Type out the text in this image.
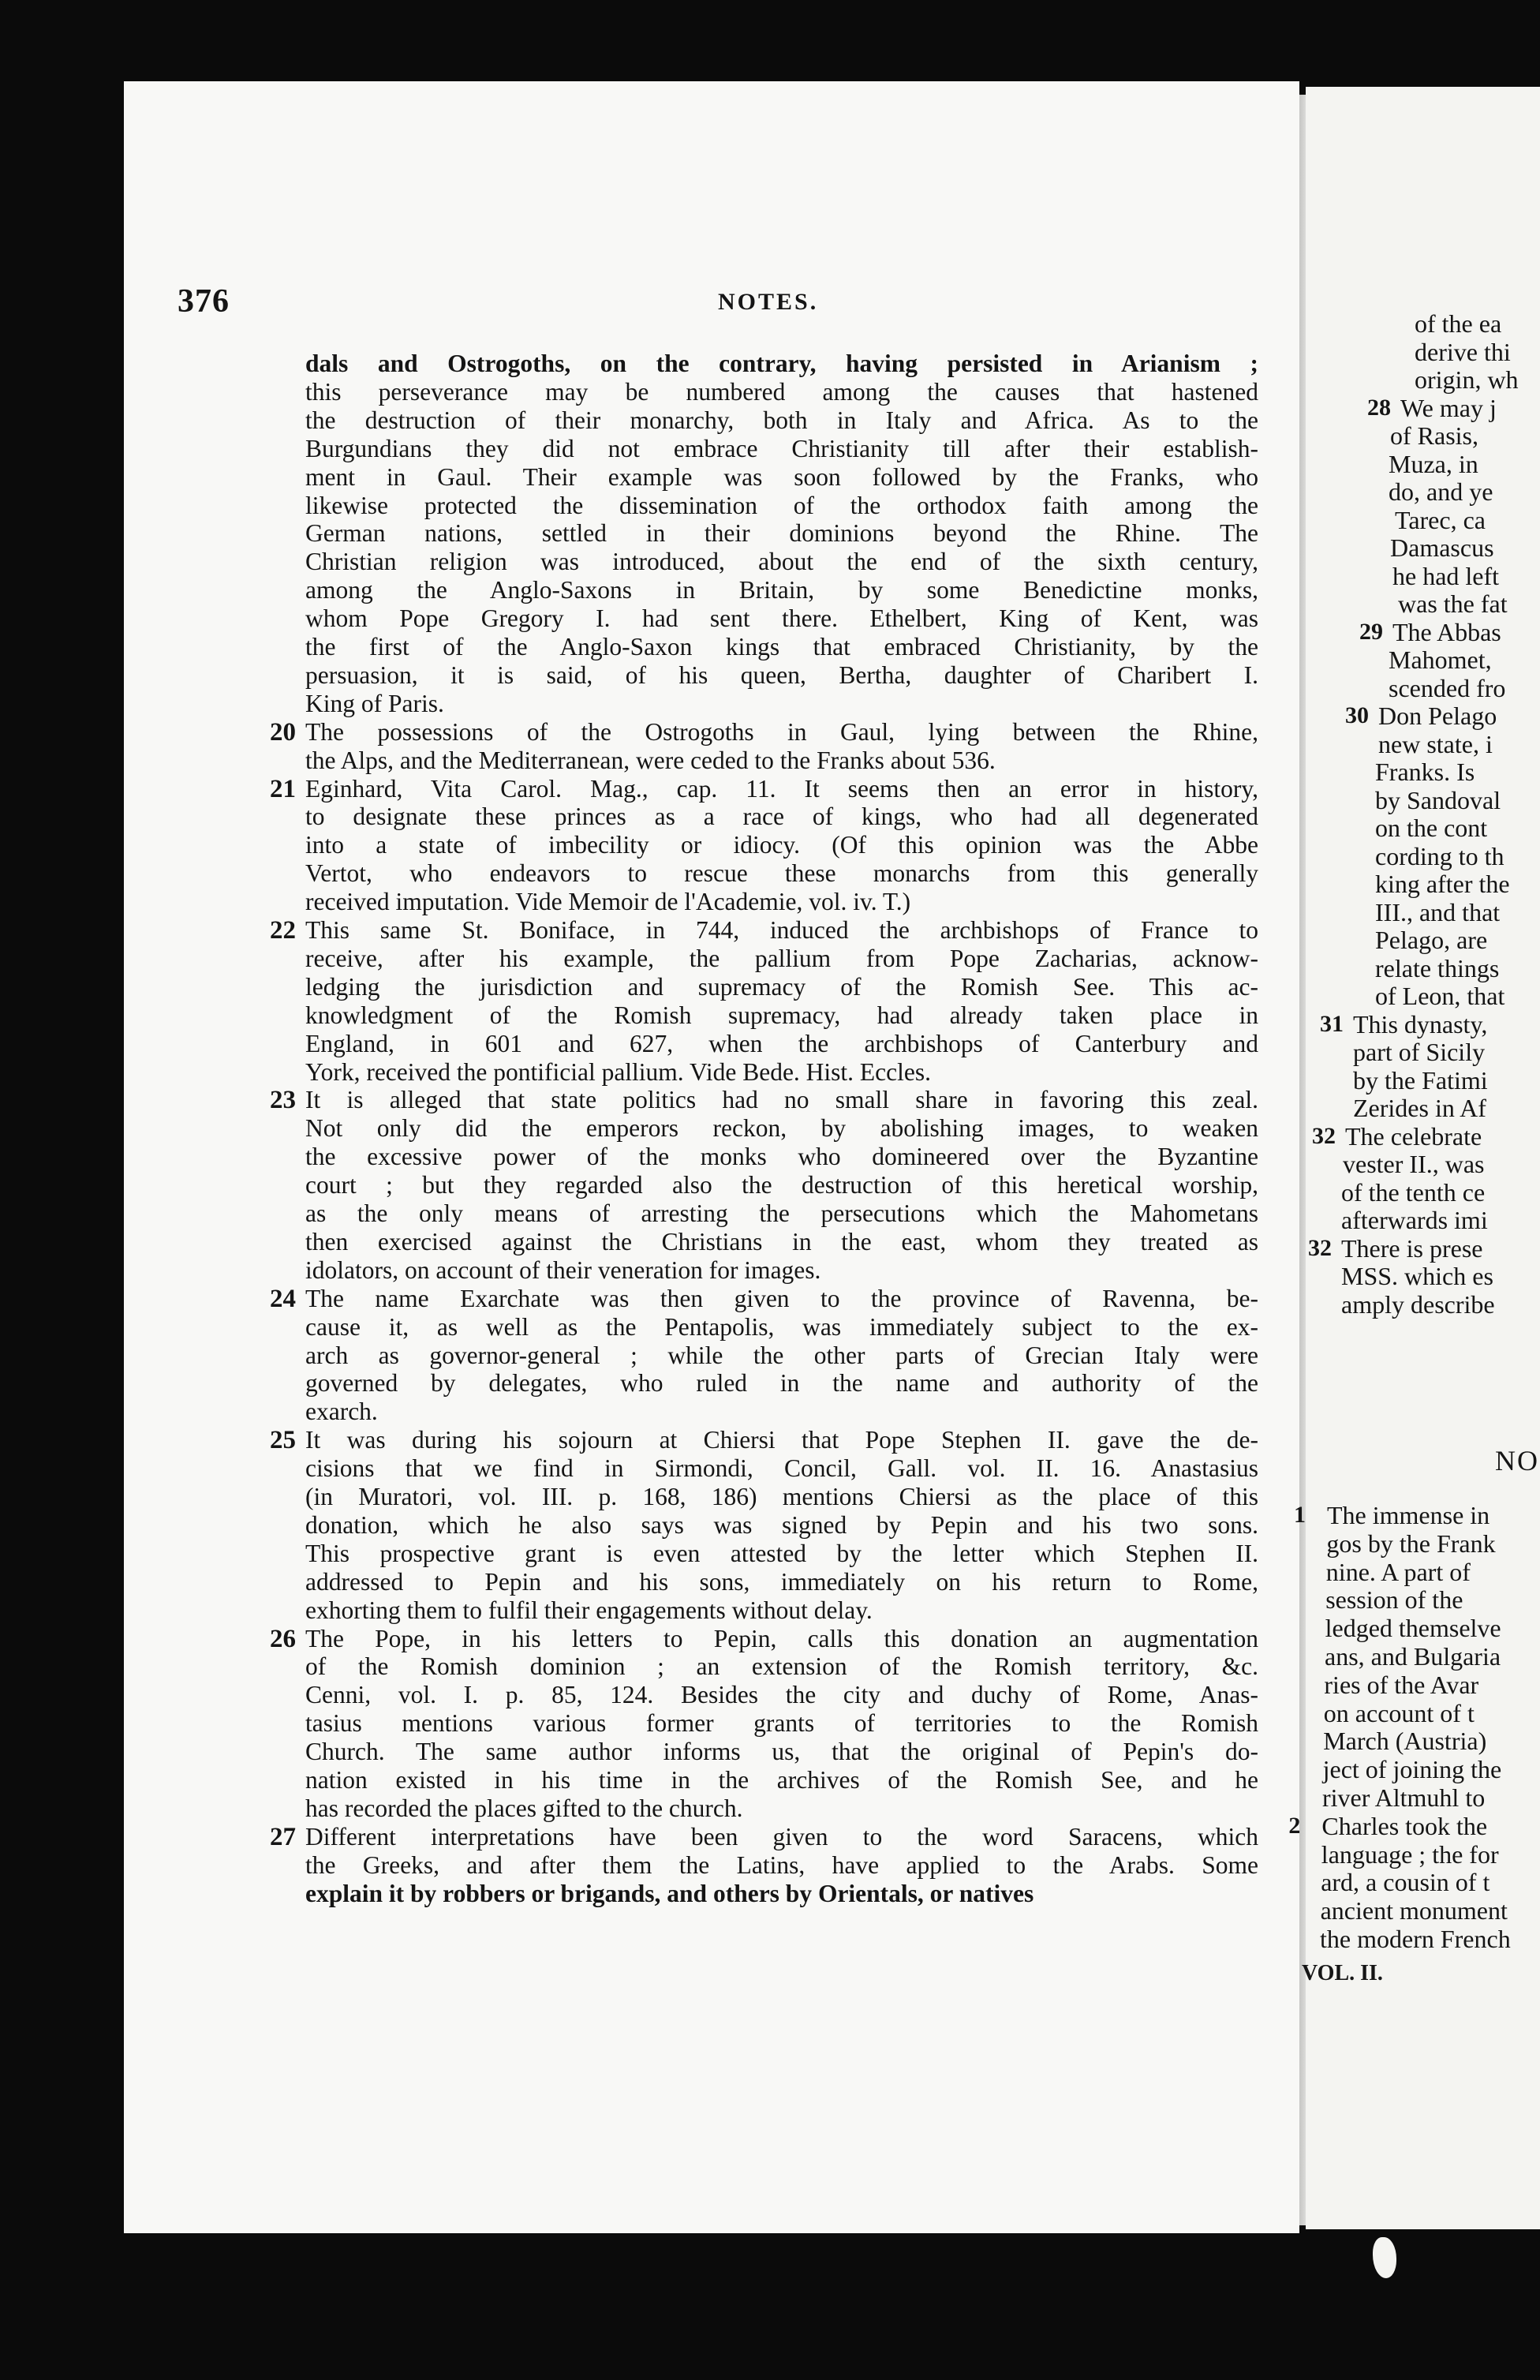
376	NOTES.
dals and Ostrogoths, on the contrary, having persisted in Arianism ;
this perseverance may be numbered among the causes that hastened
the destruction of their monarchy, both in Italy and Africa. As to the
Burgundians they did not embrace Christianity till after their establish-
ment in Gaul. Their example was soon followed by the Franks, who
likewise protected the dissemination of the orthodox faith among the
German nations, settled in their dominions beyond the Rhine. The
Christian religion was introduced, about the end of the sixth century,
among the Anglo-Saxons in Britain, by some Benedictine monks,
whom Pope Gregory I. had sent there. Ethelbert, King of Kent, was
the first of the Anglo-Saxon kings that embraced Christianity, by the
persuasion, it is said, of his queen, Bertha, daughter of Charibert I.
King of Paris.
20 The possessions of the Ostrogoths in Gaul, lying between the Rhine,
the Alps, and the Mediterranean, were ceded to the Franks about 536.
21 Eginhard, Vita Carol. Mag., cap. 11. It seems then an error in history,
to designate these princes as a race of kings, who had all degenerated
into a state of imbecility or idiocy. (Of this opinion was the Abbe
Vertot, who endeavors to rescue these monarchs from this generally
received imputation. Vide Memoir de l'Academie, vol. iv. T.)
22 This same St. Boniface, in 744, induced the archbishops of France to
receive, after his example, the pallium from Pope Zacharias, acknow-
ledging the jurisdiction and supremacy of the Romish See. This ac-
knowledgment of the Romish supremacy, had already taken place in
England, in 601 and 627, when the archbishops of Canterbury and
York, received the pontificial pallium. Vide Bede. Hist. Eccles.
23 It is alleged that state politics had no small share in favoring this zeal.
Not only did the emperors reckon, by abolishing images, to weaken
the excessive power of the monks who domineered over the Byzantine
court ; but they regarded also the destruction of this heretical worship,
as the only means of arresting the persecutions which the Mahometans
then exercised against the Christians in the east, whom they treated as
idolators, on account of their veneration for images.
24 The name Exarchate was then given to the province of Ravenna, be-
cause it, as well as the Pentapolis, was immediately subject to the ex-
arch as governor-general ; while the other parts of Grecian Italy were
governed by delegates, who ruled in the name and authority of the
exarch.
25 It was during his sojourn at Chiersi that Pope Stephen II. gave the de-
cisions that we find in Sirmondi, Concil, Gall. vol. II. 16. Anastasius
(in Muratori, vol. III. p. 168, 186) mentions Chiersi as the place of this
donation, which he also says was signed by Pepin and his two sons.
This prospective grant is even attested by the letter which Stephen II.
addressed to Pepin and his sons, immediately on his return to Rome,
exhorting them to fulfil their engagements without delay.
26 The Pope, in his letters to Pepin, calls this donation an augmentation
of the Romish dominion ; an extension of the Romish territory, &c.
Cenni, vol. I. p. 85, 124. Besides the city and duchy of Rome, Anas-
tasius mentions various former grants of territories to the Romish
Church. The same author informs us, that the original of Pepin's do-
nation existed in his time in the archives of the Romish See, and he
has recorded the places gifted to the church.
27 Different interpretations have been given to the word Saracens, which
the Greeks, and after them the Latins, have applied to the Arabs. Some
explain it by robbers or brigands, and others by Orientals, or natives
of the ea
derive thi
origin, wh
28 We may j
of Rasis,
Muza, in
do, and ye
Tarec, ca
Damascus
he had left
was the fat
29 The Abbas
Mahomet,
scended fro
30 Don Pelago
new state, i
Franks. Is
by Sandoval
on the cont
cording to th
king after the
III., and that
Pelago, are
relate things
of Leon, that
31 This dynasty,
part of Sicily
by the Fatimi
Zerides in Af
32 The celebrate
vester II., was
of the tenth ce
afterwards imi
32 There is prese
MSS. which es
amply describe
NO
1 The immense in
gos by the Frank
nine. A part of
session of the
ledged themselve
ans, and Bulgaria
ries of the Avar
on account of t
March (Austria)
ject of joining the
river Altmuhl to
2 Charles took the
language ; the for
ard, a cousin of t
ancient monument
the modern French
VOL. II.
